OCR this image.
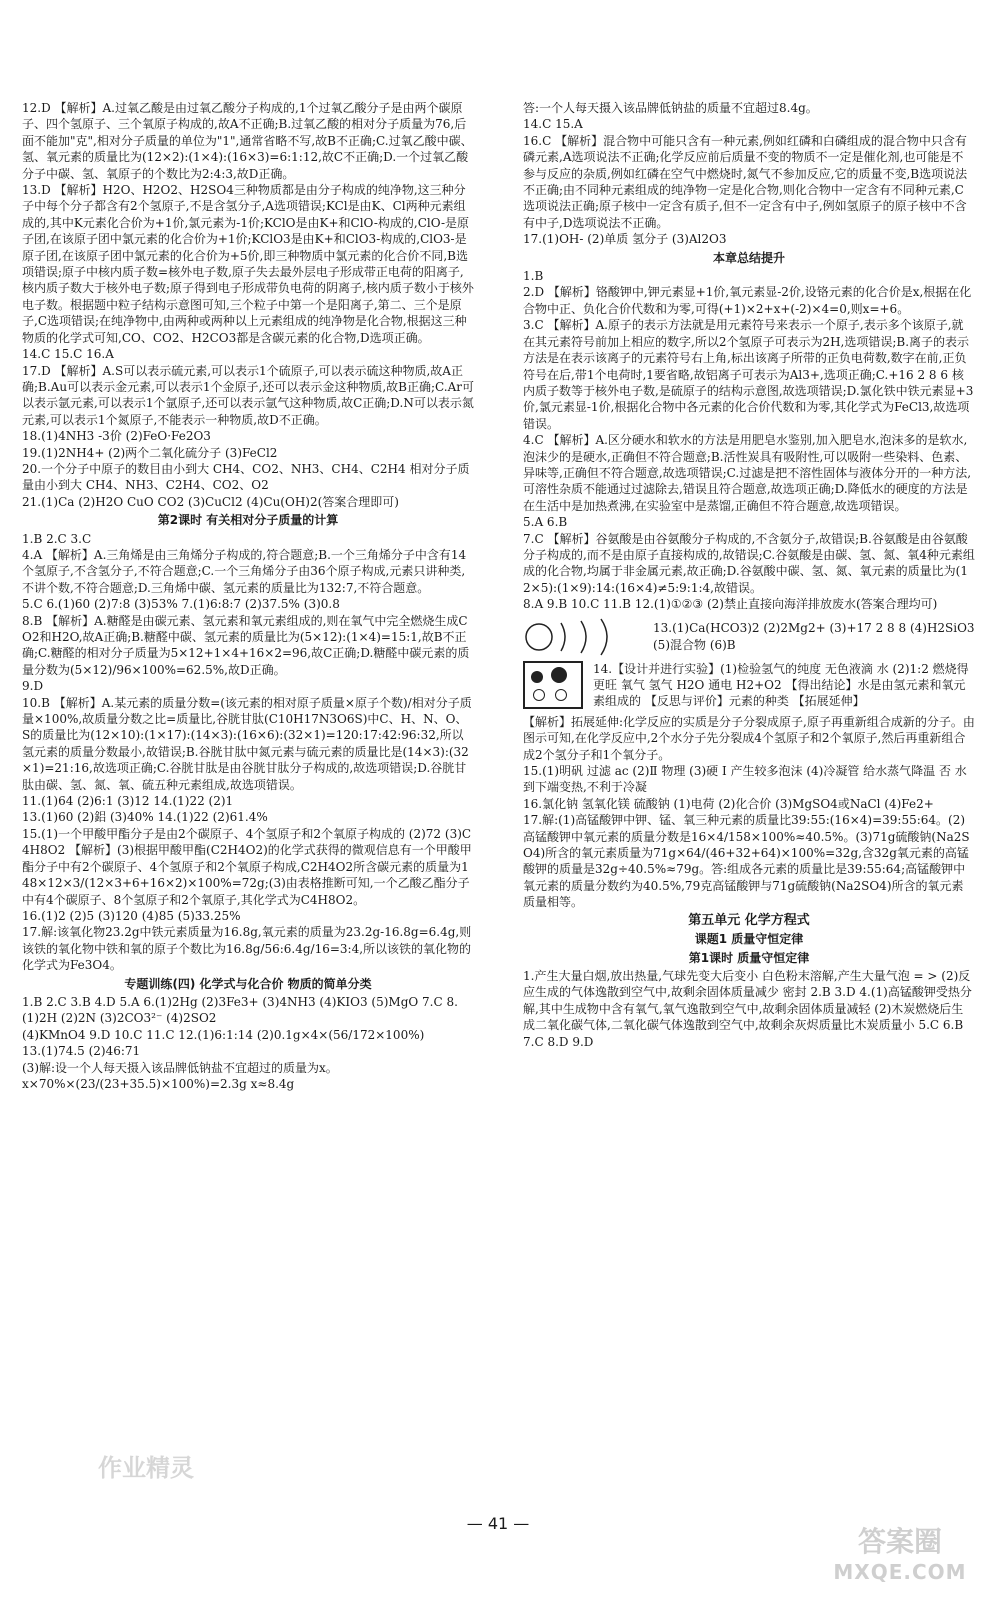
12.D 【解析】A.过氧乙酸是由过氧乙酸分子构成的,1个过氧乙酸分子是由两个碳原子、四个氢原子、三个氧原子构成的,故A不正确;B.过氧乙酸的相对分子质量为76,后面不能加"克",相对分子质量的单位为"1",通常省略不写,故B不正确;C.过氧乙酸中碳、氢、氧元素的质量比为(12×2):(1×4):(16×3)=6:1:12,故C不正确;D.一个过氧乙酸分子中碳、氢、氧原子的个数比为2:4:3,故D正确。

13.D 【解析】H2O、H2O2、H2SO4三种物质都是由分子构成的纯净物,这三种分子中每个分子都含有2个氢原子,不是含氢分子,A选项错误;KCl是由K、Cl两种元素组成的,其中K元素化合价为+1价,氯元素为-1价;KClO是由K+和ClO-构成的,ClO-是原子团,在该原子团中氯元素的化合价为+1价;KClO3是由K+和ClO3-构成的,ClO3-是原子团,在该原子团中氯元素的化合价为+5价,即三种物质中氯元素的化合价不同,B选项错误;原子中核内质子数=核外电子数,原子失去最外层电子形成带正电荷的阳离子,核内质子数大于核外电子数;原子得到电子形成带负电荷的阴离子,核内质子数小于核外电子数。根据题中粒子结构示意图可知,三个粒子中第一个是阳离子,第二、三个是原子,C选项错误;在纯净物中,由两种或两种以上元素组成的纯净物是化合物,根据这三种物质的化学式可知,CO、CO2、H2CO3都是含碳元素的化合物,D选项正确。

14.C 15.C 16.A

17.D 【解析】A.S可以表示硫元素,可以表示1个硫原子,可以表示硫这种物质,故A正确;B.Au可以表示金元素,可以表示1个金原子,还可以表示金这种物质,故B正确;C.Ar可以表示氩元素,可以表示1个氩原子,还可以表示氩气这种物质,故C正确;D.N可以表示氮元素,可以表示1个氮原子,不能表示一种物质,故D不正确。

18.(1)4NH3 -3价 (2)FeO·Fe2O3

19.(1)2NH4+ (2)两个二氧化硫分子 (3)FeCl2

20.一个分子中原子的数目由小到大 CH4、CO2、NH3、CH4、C2H4 相对分子质量由小到大 CH4、NH3、C2H4、CO2、O2

21.(1)Ca (2)H2O CuO CO2 (3)CuCl2 (4)Cu(OH)2(答案合理即可)

第2课时 有关相对分子质量的计算

1.B 2.C 3.C

4.A 【解析】A.三角烯是由三角烯分子构成的,符合题意;B.一个三角烯分子中含有14个氢原子,不含氢分子,不符合题意;C.一个三角烯分子由36个原子构成,元素只讲种类,不讲个数,不符合题意;D.三角烯中碳、氢元素的质量比为132:7,不符合题意。

5.C 6.(1)60 (2)7:8 (3)53% 7.(1)6:8:7 (2)37.5% (3)0.8

8.B 【解析】A.糖醛是由碳元素、氢元素和氧元素组成的,则在氧气中完全燃烧生成CO2和H2O,故A正确;B.糖醛中碳、氢元素的质量比为(5×12):(1×4)=15:1,故B不正确;C.糖醛的相对分子质量为5×12+1×4+16×2=96,故C正确;D.糖醛中碳元素的质量分数为(5×12)/96×100%=62.5%,故D正确。

9.D

10.B 【解析】A.某元素的质量分数=(该元素的相对原子质量×原子个数)/相对分子质量×100%,故质量分数之比=质量比,谷胱甘肽(C10H17N3O6S)中C、H、N、O、S的质量比为(12×10):(1×17):(14×3):(16×6):(32×1)=120:17:42:96:32,所以氢元素的质量分数最小,故错误;B.谷胱甘肽中氮元素与硫元素的质量比是(14×3):(32×1)=21:16,故选项正确;C.谷胱甘肽是由谷胱甘肽分子构成的,故选项错误;D.谷胱甘肽由碳、氢、氮、氧、硫五种元素组成,故选项错误。

11.(1)64 (2)6:1 (3)12 14.(1)22 (2)1

13.(1)60 (2)鋁 (3)40% 14.(1)22 (2)61.4%

15.(1)一个甲酸甲酯分子是由2个碳原子、4个氢原子和2个氧原子构成的 (2)72 (3)C4H8O2 【解析】(3)根据甲酸甲酯(C2H4O2)的化学式获得的微观信息有一个甲酸甲酯分子中有2个碳原子、4个氢原子和2个氧原子构成,C2H4O2所含碳元素的质量为148×12×3/(12×3+6+16×2)×100%=72g;(3)由表格推断可知,一个乙酸乙酯分子中有4个碳原子、8个氢原子和2个氧原子,其化学式为C4H8O2。

16.(1)2 (2)5 (3)120 (4)85 (5)33.25%

17.解:该氧化物23.2g中铁元素质量为16.8g,氧元素的质量为23.2g-16.8g=6.4g,则该铁的氧化物中铁和氧的原子个数比为16.8g/56:6.4g/16=3:4,所以该铁的氧化物的化学式为Fe3O4。

专题训练(四) 化学式与化合价 物质的简单分类

1.B 2.C 3.B 4.D 5.A 6.(1)2Hg (2)3Fe3+ (3)4NH3 (4)KIO3 (5)MgO 7.C 8.(1)2H (2)2N (3)2CO3²⁻ (4)2SO2

(4)KMnO4 9.D 10.C 11.C 12.(1)6:1:14 (2)0.1g×4×(56/172×100%)

13.(1)74.5 (2)46:71

(3)解:设一个人每天摄入该品牌低钠盐不宜超过的质量为x。

x×70%×(23/(23+35.5)×100%)=2.3g x≈8.4g

答:一个人每天摄入该品牌低钠盐的质量不宜超过8.4g。

14.C 15.A

16.C 【解析】混合物中可能只含有一种元素,例如红磷和白磷组成的混合物中只含有磷元素,A选项说法不正确;化学反应前后质量不变的物质不一定是催化剂,也可能是不参与反应的杂质,例如红磷在空气中燃烧时,氮气不参加反应,它的质量不变,B选项说法不正确;由不同种元素组成的纯净物一定是化合物,则化合物中一定含有不同种元素,C选项说法正确;原子核中一定含有质子,但不一定含有中子,例如氢原子的原子核中不含有中子,D选项说法不正确。

17.(1)OH- (2)单质 氢分子 (3)Al2O3

本章总结提升

1.B

2.D 【解析】铬酸钾中,钾元素显+1价,氧元素显-2价,设铬元素的化合价是x,根据在化合物中正、负化合价代数和为零,可得(+1)×2+x+(-2)×4=0,则x=+6。

3.C 【解析】A.原子的表示方法就是用元素符号来表示一个原子,表示多个该原子,就在其元素符号前加上相应的数字,所以2个氢原子可表示为2H,选项错误;B.离子的表示方法是在表示该离子的元素符号右上角,标出该离子所带的正负电荷数,数字在前,正负符号在后,带1个电荷时,1要省略,故铝离子可表示为Al3+,选项正确;C.+16 2 8 6 核内质子数等于核外电子数,是硫原子的结构示意图,故选项错误;D.氯化铁中铁元素显+3价,氯元素显-1价,根据化合物中各元素的化合价代数和为零,其化学式为FeCl3,故选项错误。

4.C 【解析】A.区分硬水和软水的方法是用肥皂水鉴别,加入肥皂水,泡沫多的是软水,泡沫少的是硬水,正确但不符合题意;B.活性炭具有吸附性,可以吸附一些染料、色素、异味等,正确但不符合题意,故选项错误;C.过滤是把不溶性固体与液体分开的一种方法,可溶性杂质不能通过过滤除去,错误且符合题意,故选项正确;D.降低水的硬度的方法是在生活中是加热煮沸,在实验室中是蒸馏,正确但不符合题意,故选项错误。

5.A 6.B

7.C 【解析】谷氨酸是由谷氨酸分子构成的,不含氨分子,故错误;B.谷氨酸是由谷氨酸分子构成的,而不是由原子直接构成的,故错误;C.谷氨酸是由碳、氢、氮、氧4种元素组成的化合物,均属于非金属元素,故正确;D.谷氨酸中碳、氢、氮、氧元素的质量比为(12×5):(1×9):14:(16×4)≠5:9:1:4,故错误。

8.A 9.B 10.C 11.B 12.(1)①②③ (2)禁止直接向海洋排放废水(答案合理均可)

13.(1)Ca(HCO3)2 (2)2Mg2+ (3)+17 2 8 8 (4)H2SiO3 (5)混合物 (6)B

14.【设计并进行实验】(1)检验氢气的纯度 无色液滴 水 (2)1:2 燃烧得更旺 氧气 氢气 H2O 通电 H2+O2 【得出结论】水是由氢元素和氧元素组成的 【反思与评价】元素的种类 【拓展延伸】

【解析】拓展延伸:化学反应的实质是分子分裂成原子,原子再重新组合成新的分子。由图示可知,在化学反应中,2个水分子先分裂成4个氢原子和2个氧原子,然后再重新组合成2个氢分子和1个氧分子。

15.(1)明矾 过滤 ac (2)Ⅱ 物理 (3)硬 Ⅰ 产生较多泡沫 (4)冷凝管 给水蒸气降温 否 水到下端变热,不利于冷凝

16.氯化钠 氢氧化镁 硫酸钠 (1)电荷 (2)化合价 (3)MgSO4或NaCl (4)Fe2+

17.解:(1)高锰酸钾中钾、锰、氧三种元素的质量比39:55:(16×4)=39:55:64。(2)高锰酸钾中氧元素的质量分数是16×4/158×100%≈40.5%。(3)71g硫酸钠(Na2SO4)所含的氧元素质量为71g×64/(46+32+64)×100%=32g,含32g氧元素的高锰酸钾的质量是32g÷40.5%≈79g。答:组成各元素的质量比是39:55:64;高锰酸钾中氧元素的质量分数约为40.5%,79克高锰酸钾与71g硫酸钠(Na2SO4)所含的氧元素质量相等。

第五单元 化学方程式
课题1 质量守恒定律
第1课时 质量守恒定律

1.产生大量白烟,放出热量,气球先变大后变小 白色粉末溶解,产生大量气泡 = > (2)反应生成的气体逸散到空气中,故剩余固体质量减少 密封 2.B 3.D 4.(1)高锰酸钾受热分解,其中生成物中含有氧气,氧气逸散到空气中,故剩余固体质量减轻 (2)木炭燃烧后生成二氧化碳气体,二氧化碳气体逸散到空气中,故剩余灰烬质量比木炭质量小 5.C 6.B 7.C 8.D 9.D

— 41 —
作业精灵
答案圈
MXQE.COM
